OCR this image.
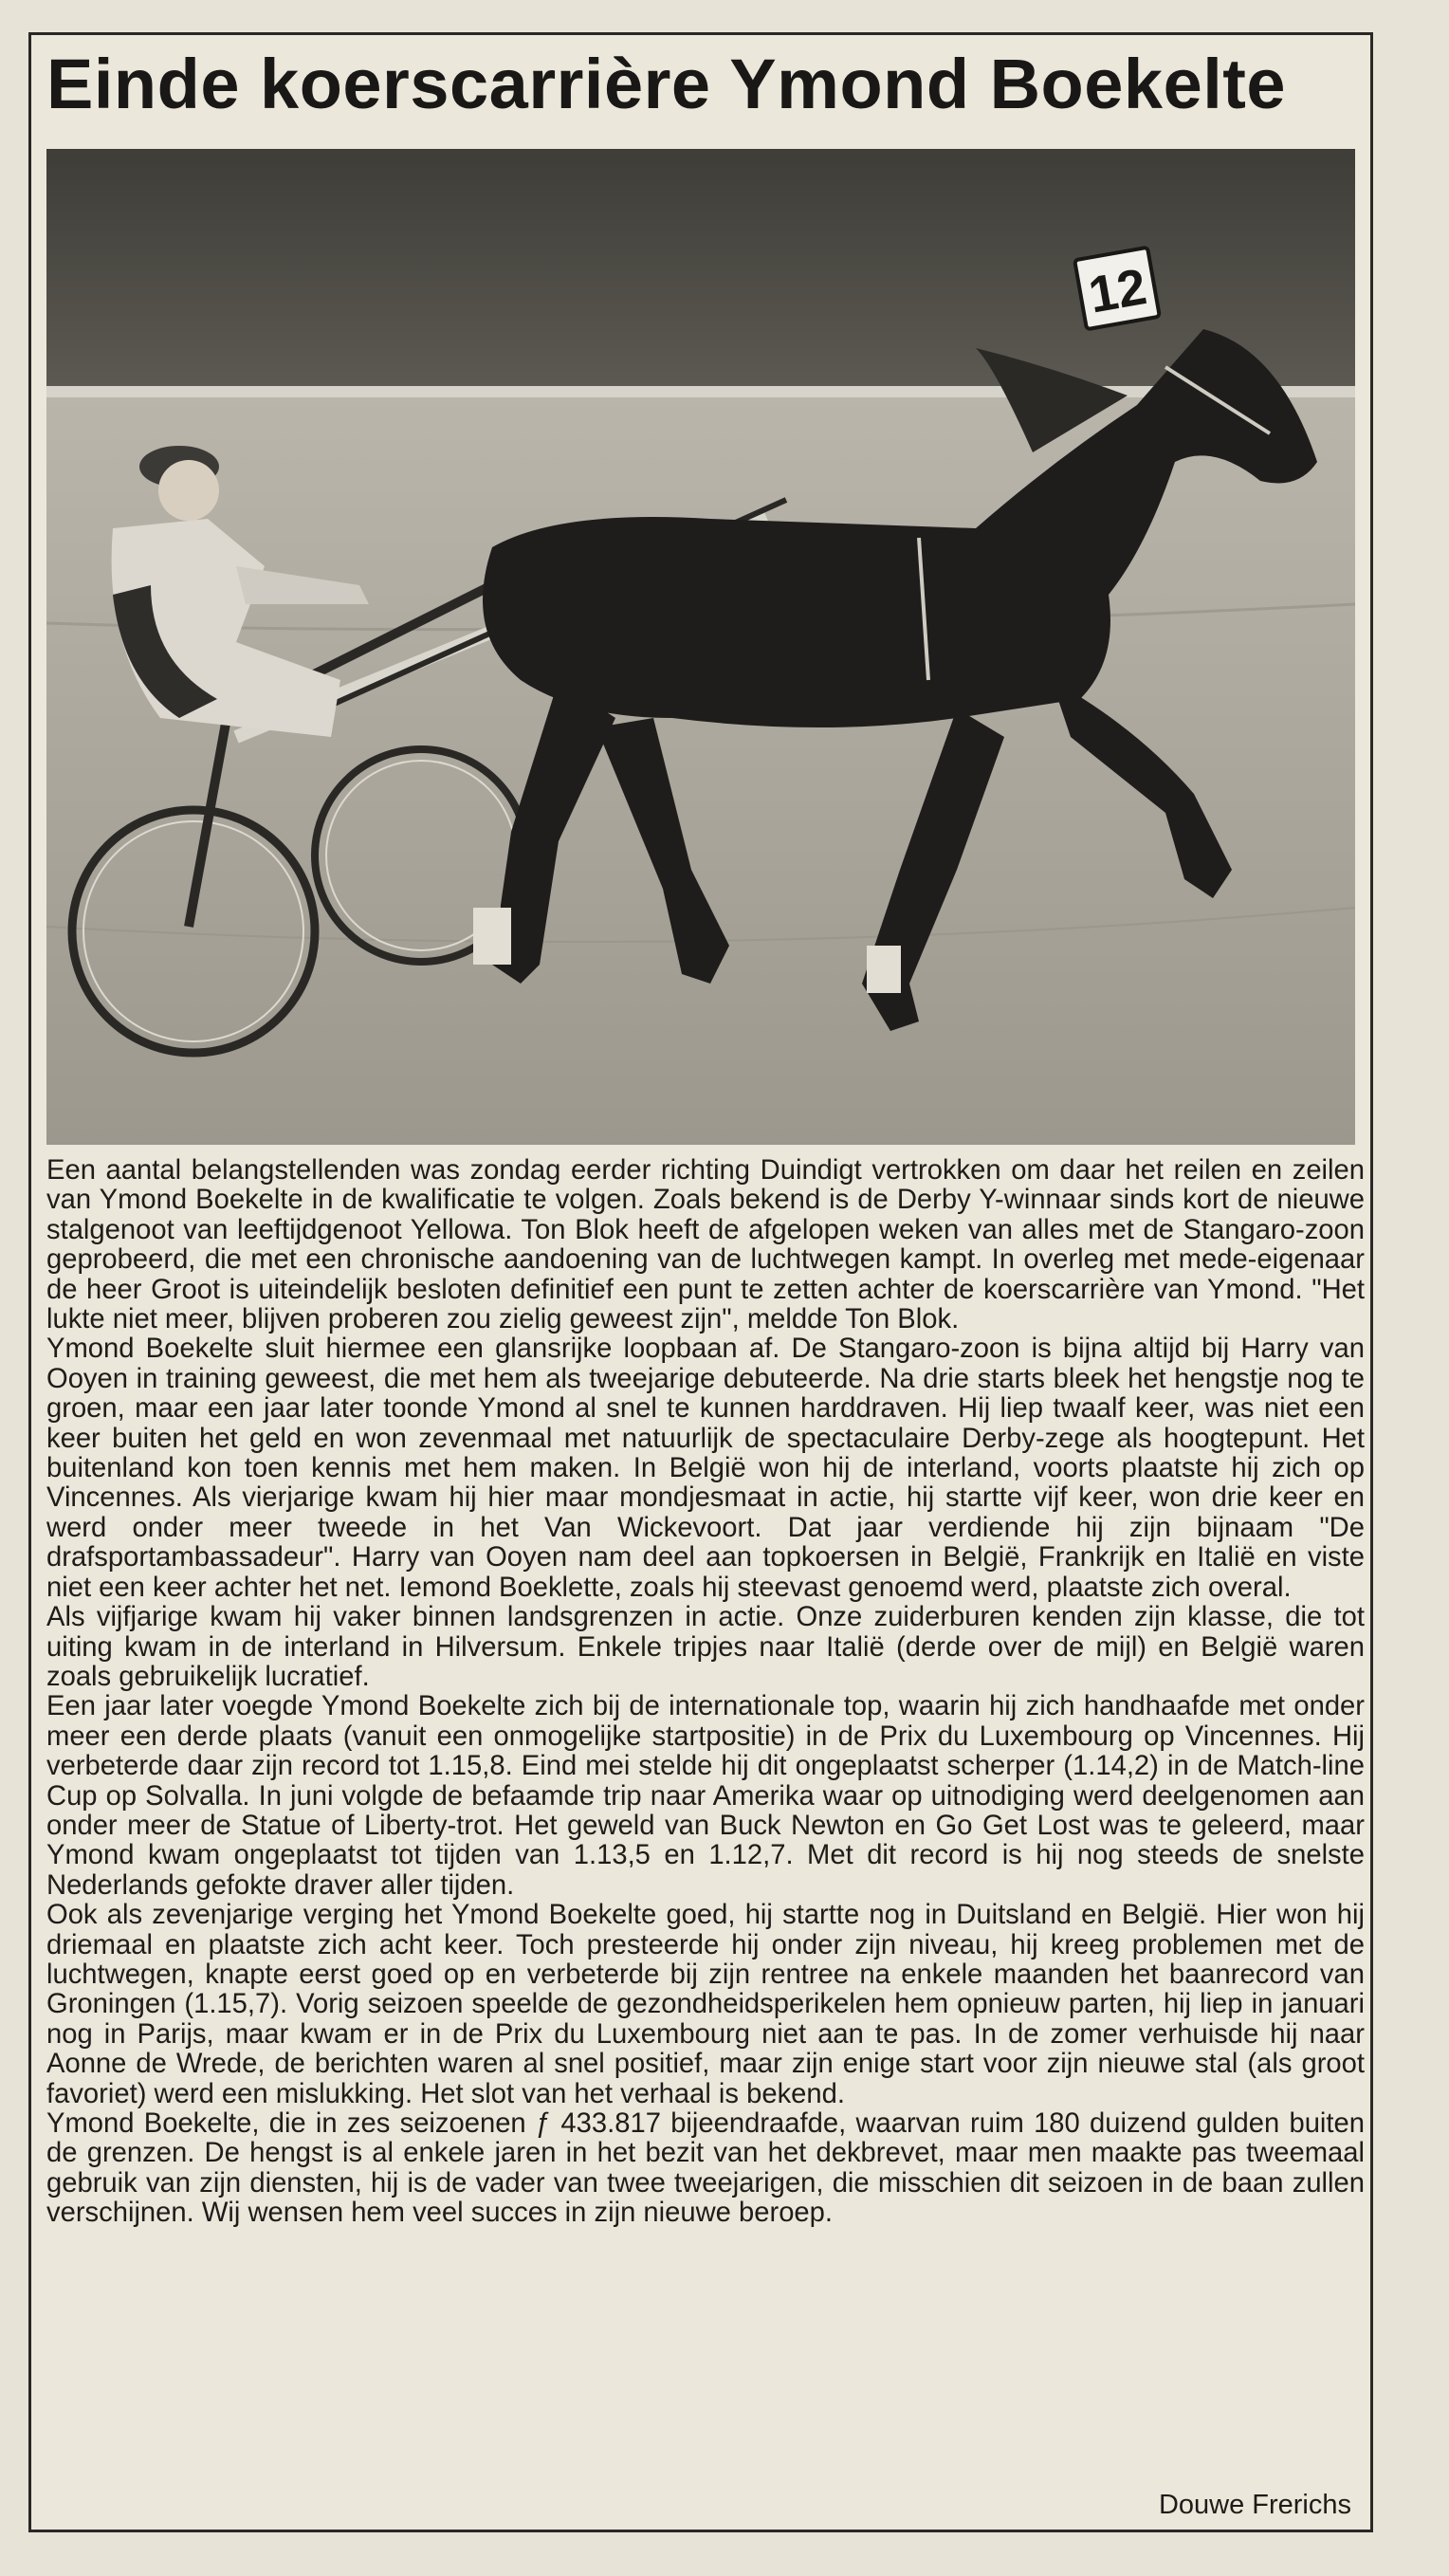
Einde koerscarrière Ymond Boekelte
12

Een aantal belangstellenden was zondag eerder richting Duindigt vertrokken om daar het reilen en zeilen van Ymond Boekelte in de kwalificatie te volgen. Zoals bekend is de Derby Y-winnaar sinds kort de nieuwe stalgenoot van leeftijdgenoot Yellowa. Ton Blok heeft de afgelopen weken van alles met de Stangaro-zoon geprobeerd, die met een chronische aandoening van de luchtwegen kampt. In overleg met mede-eigenaar de heer Groot is uiteindelijk besloten definitief een punt te zetten achter de koerscarrière van Ymond. "Het lukte niet meer, blijven proberen zou zielig geweest zijn", meldde Ton Blok.

Ymond Boekelte sluit hiermee een glansrijke loopbaan af. De Stangaro-zoon is bijna altijd bij Harry van Ooyen in training geweest, die met hem als tweejarige debuteerde. Na drie starts bleek het hengstje nog te groen, maar een jaar later toonde Ymond al snel te kunnen harddraven. Hij liep twaalf keer, was niet een keer buiten het geld en won zevenmaal met natuurlijk de spectaculaire Derby-zege als hoogtepunt. Het buitenland kon toen kennis met hem maken. In België won hij de interland, voorts plaatste hij zich op Vincennes. Als vierjarige kwam hij hier maar mondjesmaat in actie, hij startte vijf keer, won drie keer en werd onder meer tweede in het Van Wickevoort. Dat jaar verdiende hij zijn bijnaam "De drafsportambassadeur". Harry van Ooyen nam deel aan topkoersen in België, Frankrijk en Italië en viste niet een keer achter het net. Iemond Boeklette, zoals hij steevast genoemd werd, plaatste zich overal.

Als vijfjarige kwam hij vaker binnen landsgrenzen in actie. Onze zuiderburen kenden zijn klasse, die tot uiting kwam in de interland in Hilversum. Enkele tripjes naar Italië (derde over de mijl) en België waren zoals gebruikelijk lucratief.

Een jaar later voegde Ymond Boekelte zich bij de internationale top, waarin hij zich handhaafde met onder meer een derde plaats (vanuit een onmogelijke startpositie) in de Prix du Luxembourg op Vincennes. Hij verbeterde daar zijn record tot 1.15,8. Eind mei stelde hij dit ongeplaatst scherper (1.14,2) in de Match-line Cup op Solvalla. In juni volgde de befaamde trip naar Amerika waar op uitnodiging werd deelgenomen aan onder meer de Statue of Liberty-trot. Het geweld van Buck Newton en Go Get Lost was te geleerd, maar Ymond kwam ongeplaatst tot tijden van 1.13,5 en 1.12,7. Met dit record is hij nog steeds de snelste Nederlands gefokte draver aller tijden.

Ook als zevenjarige verging het Ymond Boekelte goed, hij startte nog in Duitsland en België. Hier won hij driemaal en plaatste zich acht keer. Toch presteerde hij onder zijn niveau, hij kreeg problemen met de luchtwegen, knapte eerst goed op en verbeterde bij zijn rentree na enkele maanden het baanrecord van Groningen (1.15,7). Vorig seizoen speelde de gezondheidsperikelen hem opnieuw parten, hij liep in januari nog in Parijs, maar kwam er in de Prix du Luxembourg niet aan te pas. In de zomer verhuisde hij naar Aonne de Wrede, de berichten waren al snel positief, maar zijn enige start voor zijn nieuwe stal (als groot favoriet) werd een mislukking. Het slot van het verhaal is bekend.

Ymond Boekelte, die in zes seizoenen ƒ 433.817 bijeendraafde, waarvan ruim 180 duizend gulden buiten de grenzen. De hengst is al enkele jaren in het bezit van het dekbrevet, maar men maakte pas tweemaal gebruik van zijn diensten, hij is de vader van twee tweejarigen, die misschien dit seizoen in de baan zullen verschijnen. Wij wensen hem veel succes in zijn nieuwe beroep.

Douwe Frerichs
